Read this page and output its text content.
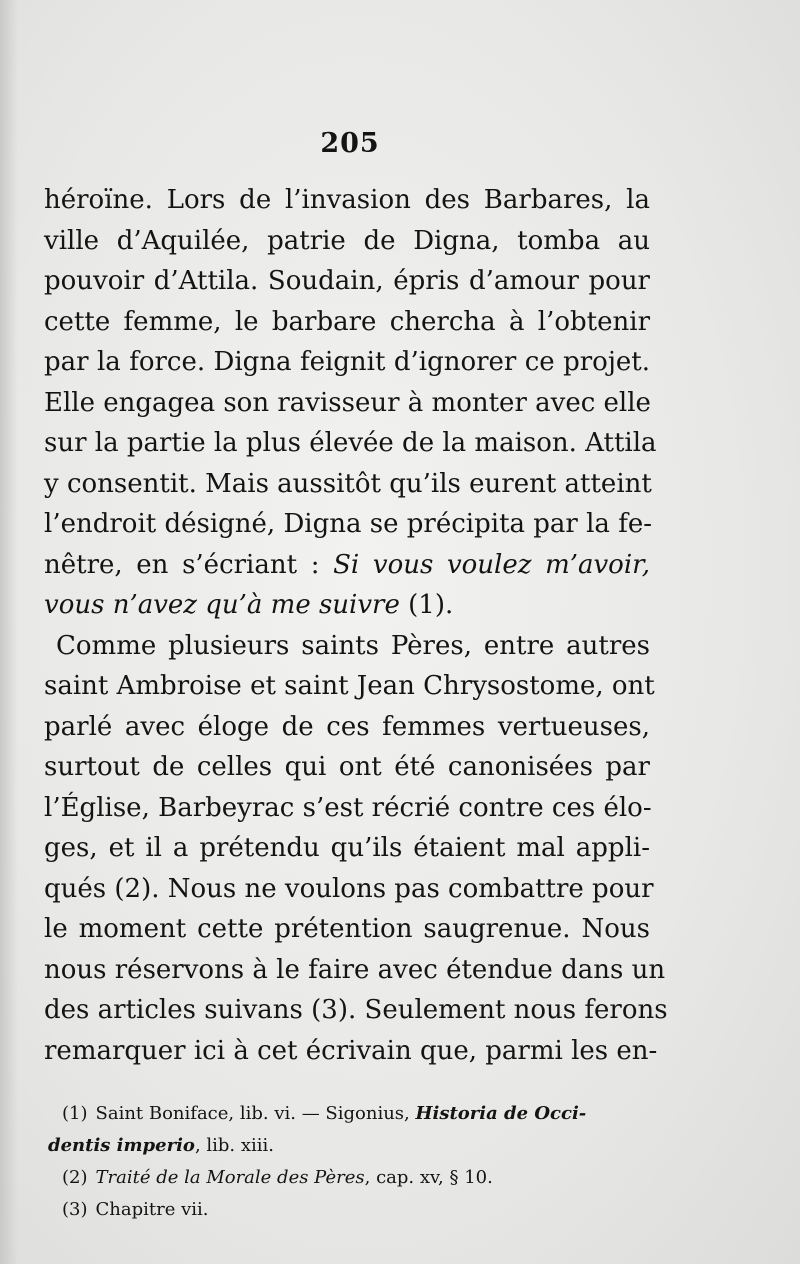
205
héroïne. Lors de l’invasion des Barbares, la
ville d’Aquilée, patrie de Digna, tomba au
pouvoir d’Attila. Soudain, épris d’amour pour
cette femme, le barbare chercha à l’obtenir
par la force. Digna feignit d’ignorer ce projet.
Elle engagea son ravisseur à monter avec elle
sur la partie la plus élevée de la maison. Attila
y consentit. Mais aussitôt qu’ils eurent atteint
l’endroit désigné, Digna se précipita par la fe-
nêtre, en s’écriant : Si vous voulez m’avoir,
vous n’avez qu’à me suivre (1).
Comme plusieurs saints Pères, entre autres
saint Ambroise et saint Jean Chrysostome, ont
parlé avec éloge de ces femmes vertueuses,
surtout de celles qui ont été canonisées par
l’Église, Barbeyrac s’est récrié contre ces élo-
ges, et il a prétendu qu’ils étaient mal appli-
qués (2). Nous ne voulons pas combattre pour
le moment cette prétention saugrenue. Nous
nous réservons à le faire avec étendue dans un
des articles suivans (3). Seulement nous ferons
remarquer ici à cet écrivain que, parmi les en-
(1) Saint Boniface, lib. vi. — Sigonius, Historia de Occi-
dentis imperio, lib. xiii.
(2) Traité de la Morale des Pères, cap. xv, § 10.
(3) Chapitre vii.
